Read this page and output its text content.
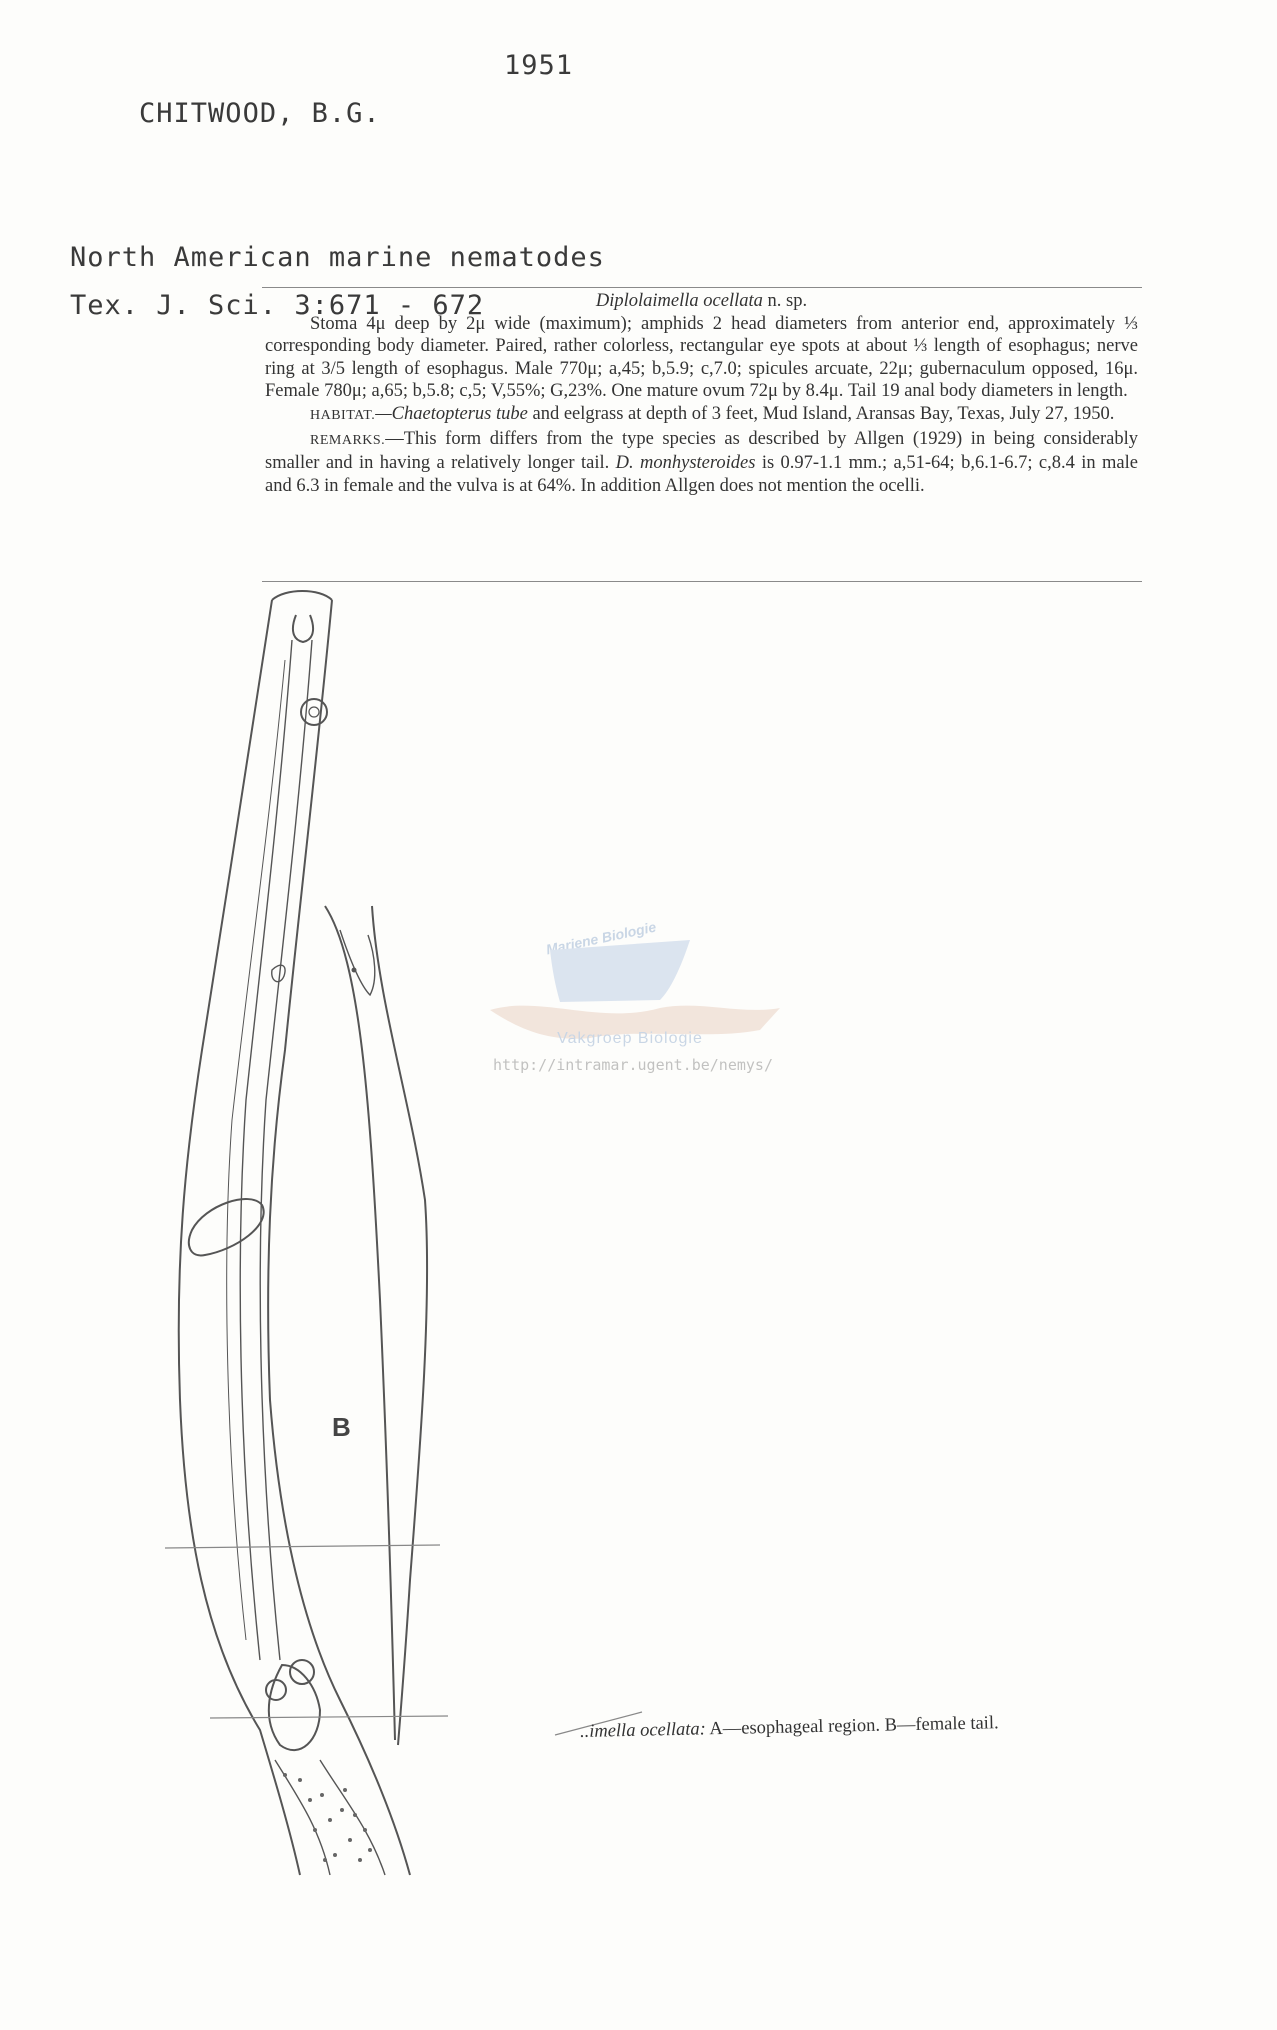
CHITWOOD, B.G.

1951

North American marine nematodes
Tex. J. Sci. 3:671 - 672	Diplolaimella ocellata n. sp.

Stoma 4μ deep by 2μ wide (maximum); amphids 2 head diameters from anterior end, approximately ⅓ corresponding body diameter. Paired, rather colorless, rectangular eye spots at about ⅓ length of esophagus; nerve ring at 3/5 length of esophagus. Male 770μ; a,45; b,5.9; c,7.0; spicules arcuate, 22μ; gubernaculum opposed, 16μ. Female 780μ; a,65; b,5.8; c,5; V,55%; G,23%. One mature ovum 72μ by 8.4μ. Tail 19 anal body diameters in length.

HABITAT.—Chaetopterus tube and eelgrass at depth of 3 feet, Mud Island, Aransas Bay, Texas, July 27, 1950.

REMARKS.—This form differs from the type species as described by Allgen (1929) in being considerably smaller and in having a relatively longer tail. D. monhysteroides is 0.97-1.1 mm.; a,51-64; b,6.1-6.7; c,8.4 in male and 6.3 in female and the vulva is at 64%. In addition Allgen does not mention the ocelli.

B
..imella ocellata: A—esophageal region. B—female tail.
Mariene Biologie
Vakgroep Biologie
http://intramar.ugent.be/nemys/
